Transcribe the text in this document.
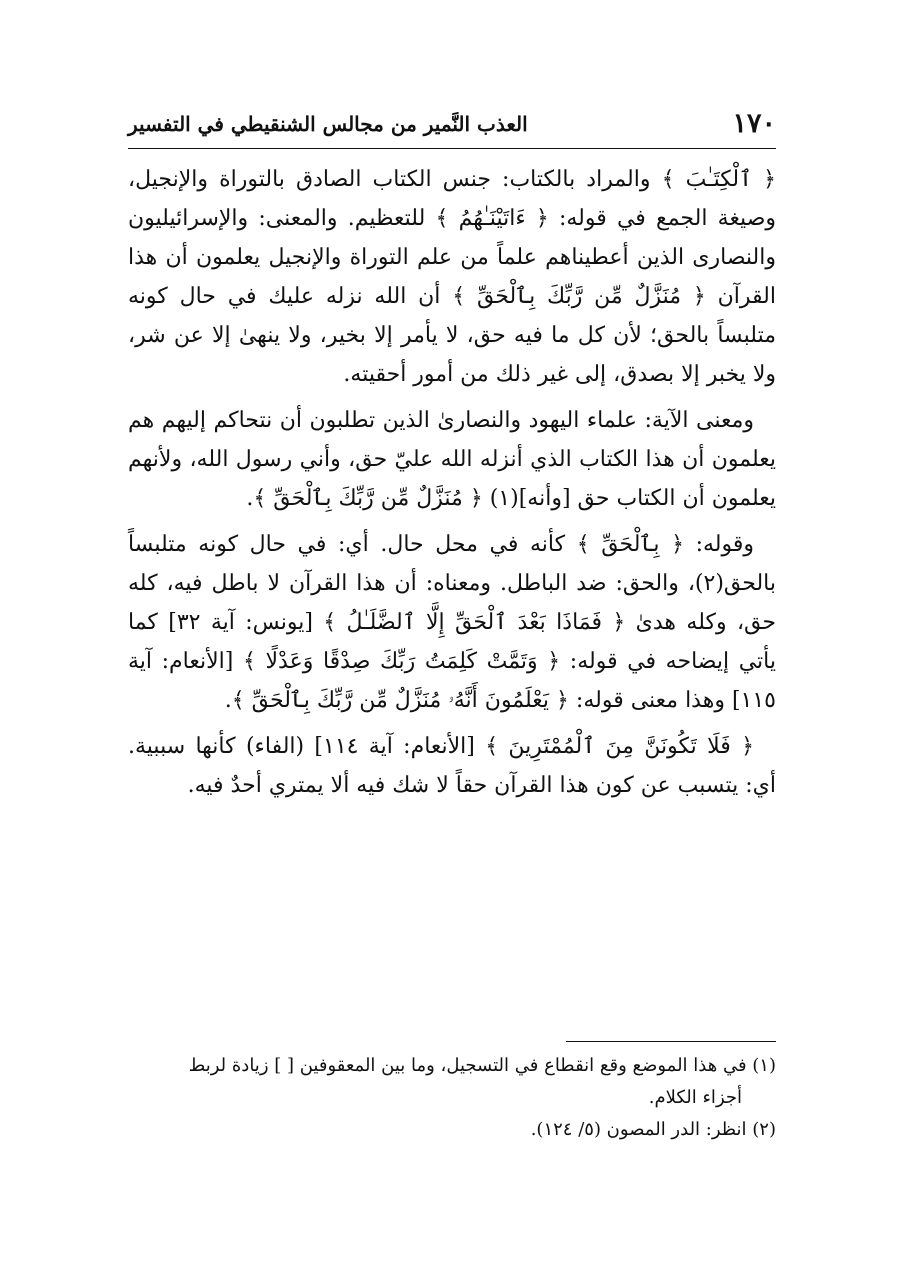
١٧٠
العذب النَّمير من مجالس الشنقيطي في التفسير

﴿ ٱلْكِتَـٰبَ ﴾ والمراد بالكتاب: جنس الكتاب الصادق بالتوراة والإنجيل، وصيغة الجمع في قوله: ﴿ ءَاتَيْنَـٰهُمُ ﴾ للتعظيم. والمعنى: والإسرائيليون والنصارى الذين أعطيناهم علماً من علم التوراة والإنجيل يعلمون أن هذا القرآن ﴿ مُنَزَّلٌ مِّن رَّبِّكَ بِٱلْحَقِّ ﴾ أن الله نزله عليك في حال كونه متلبساً بالحق؛ لأن كل ما فيه حق، لا يأمر إلا بخير، ولا ينهىٰ إلا عن شر، ولا يخبر إلا بصدق، إلى غير ذلك من أمور أحقيته.

ومعنى الآية: علماء اليهود والنصارىٰ الذين تطلبون أن نتحاكم إليهم هم يعلمون أن هذا الكتاب الذي أنزله الله عليّ حق، وأني رسول الله، ولأنهم يعلمون أن الكتاب حق [وأنه](١) ﴿ مُنَزَّلٌ مِّن رَّبِّكَ بِٱلْحَقِّ ﴾.

وقوله: ﴿ بِٱلْحَقِّ ﴾ كأنه في محل حال. أي: في حال كونه متلبساً بالحق(٢)، والحق: ضد الباطل. ومعناه: أن هذا القرآن لا باطل فيه، كله حق، وكله هدىٰ ﴿ فَمَاذَا بَعْدَ ٱلْحَقِّ إِلَّا ٱلضَّلَـٰلُ ﴾ [يونس: آية ٣٢] كما يأتي إيضاحه في قوله: ﴿ وَتَمَّتْ كَلِمَتُ رَبِّكَ صِدْقًا وَعَدْلًا ﴾ [الأنعام: آية ١١٥] وهذا معنى قوله: ﴿ يَعْلَمُونَ أَنَّهُۥ مُنَزَّلٌ مِّن رَّبِّكَ بِٱلْحَقِّ ﴾.

﴿ فَلَا تَكُونَنَّ مِنَ ٱلْمُمْتَرِينَ ﴾ [الأنعام: آية ١١٤] (الفاء) كأنها سببية. أي: يتسبب عن كون هذا القرآن حقاً لا شك فيه ألا يمتري أحدٌ فيه.

(١) في هذا الموضع وقع انقطاع في التسجيل، وما بين المعقوفين [ ] زيادة لربط

أجزاء الكلام.

(٢) انظر: الدر المصون (٥/ ١٢٤).
